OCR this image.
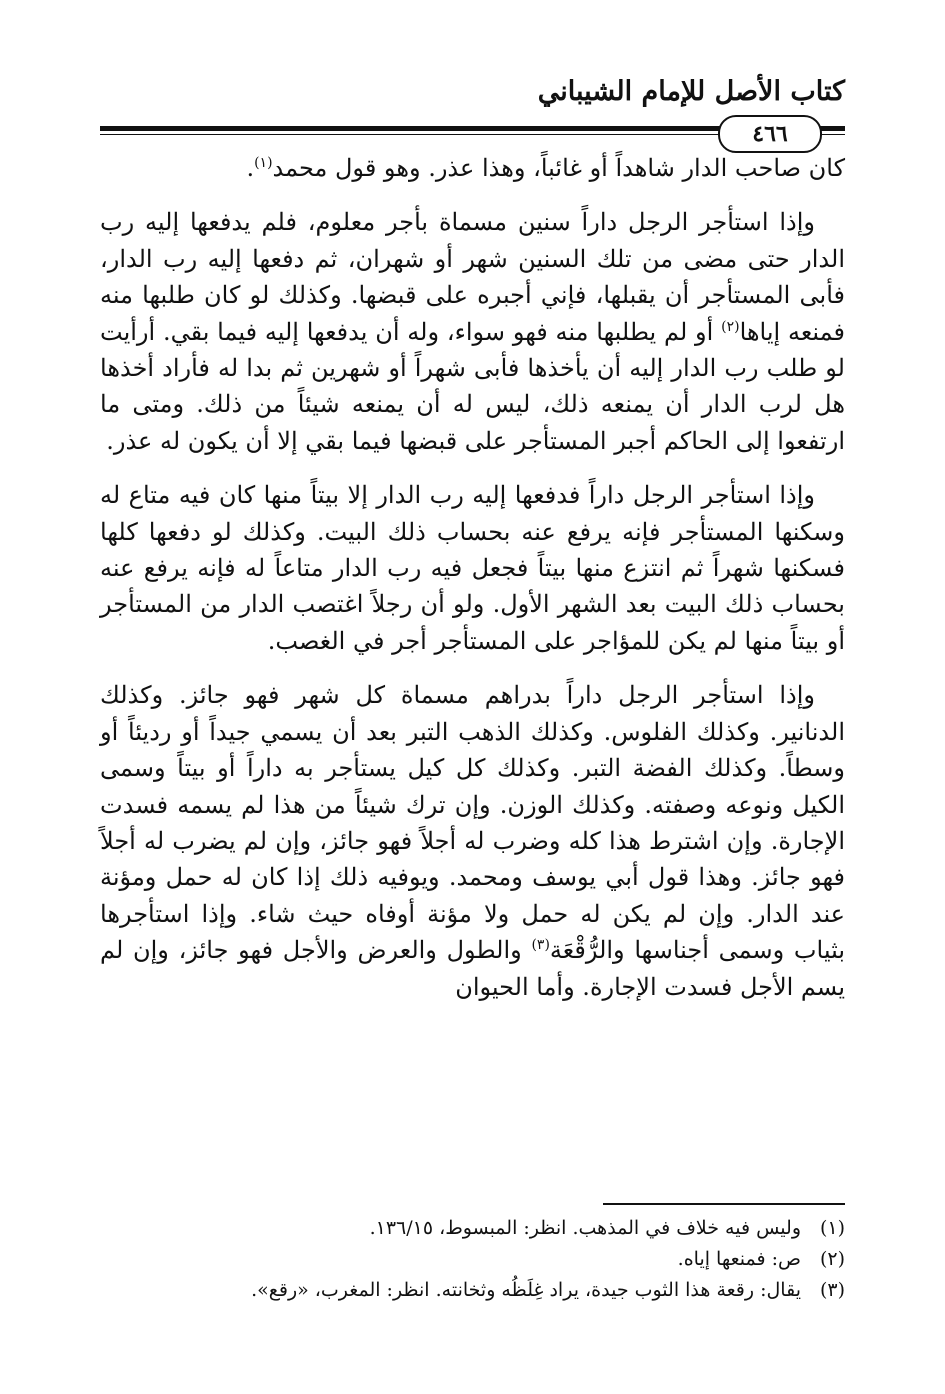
كتاب الأصل للإمام الشيباني
٤٦٦

كان صاحب الدار شاهداً أو غائباً، وهذا عذر. وهو قول محمد$^{(١)}$.

وإذا استأجر الرجل داراً سنين مسماة بأجر معلوم، فلم يدفعها إليه رب الدار حتى مضى من تلك السنين شهر أو شهران، ثم دفعها إليه رب الدار، فأبى المستأجر أن يقبلها، فإني أجبره على قبضها. وكذلك لو كان طلبها منه فمنعه إياها$^{(٢)}$ أو لم يطلبها منه فهو سواء، وله أن يدفعها إليه فيما بقي. أرأيت لو طلب رب الدار إليه أن يأخذها فأبى شهراً أو شهرين ثم بدا له فأراد أخذها هل لرب الدار أن يمنعه ذلك، ليس له أن يمنعه شيئاً من ذلك. ومتى ما ارتفعوا إلى الحاكم أجبر المستأجر على قبضها فيما بقي إلا أن يكون له عذر.

وإذا استأجر الرجل داراً فدفعها إليه رب الدار إلا بيتاً منها كان فيه متاع له وسكنها المستأجر فإنه يرفع عنه بحساب ذلك البيت. وكذلك لو دفعها كلها فسكنها شهراً ثم انتزع منها بيتاً فجعل فيه رب الدار متاعاً له فإنه يرفع عنه بحساب ذلك البيت بعد الشهر الأول. ولو أن رجلاً اغتصب الدار من المستأجر أو بيتاً منها لم يكن للمؤاجر على المستأجر أجر في الغصب.

وإذا استأجر الرجل داراً بدراهم مسماة كل شهر فهو جائز. وكذلك الدنانير. وكذلك الفلوس. وكذلك الذهب التبر بعد أن يسمي جيداً أو رديئاً أو وسطاً. وكذلك الفضة التبر. وكذلك كل كيل يستأجر به داراً أو بيتاً وسمى الكيل ونوعه وصفته. وكذلك الوزن. وإن ترك شيئاً من هذا لم يسمه فسدت الإجارة. وإن اشترط هذا كله وضرب له أجلاً فهو جائز، وإن لم يضرب له أجلاً فهو جائز. وهذا قول أبي يوسف ومحمد. ويوفيه ذلك إذا كان له حمل ومؤنة عند الدار. وإن لم يكن له حمل ولا مؤنة أوفاه حيث شاء. وإذا استأجرها بثياب وسمى أجناسها والرُّقْعَة$^{(٣)}$ والطول والعرض والأجل فهو جائز، وإن لم يسم الأجل فسدت الإجارة. وأما الحيوان

(١)وليس فيه خلاف في المذهب. انظر: المبسوط، ١٣٦/١٥.
(٢)ص: فمنعها إياه.
(٣)يقال: رقعة هذا الثوب جيدة، يراد غِلَظُه وثخانته. انظر: المغرب، «رقع».
